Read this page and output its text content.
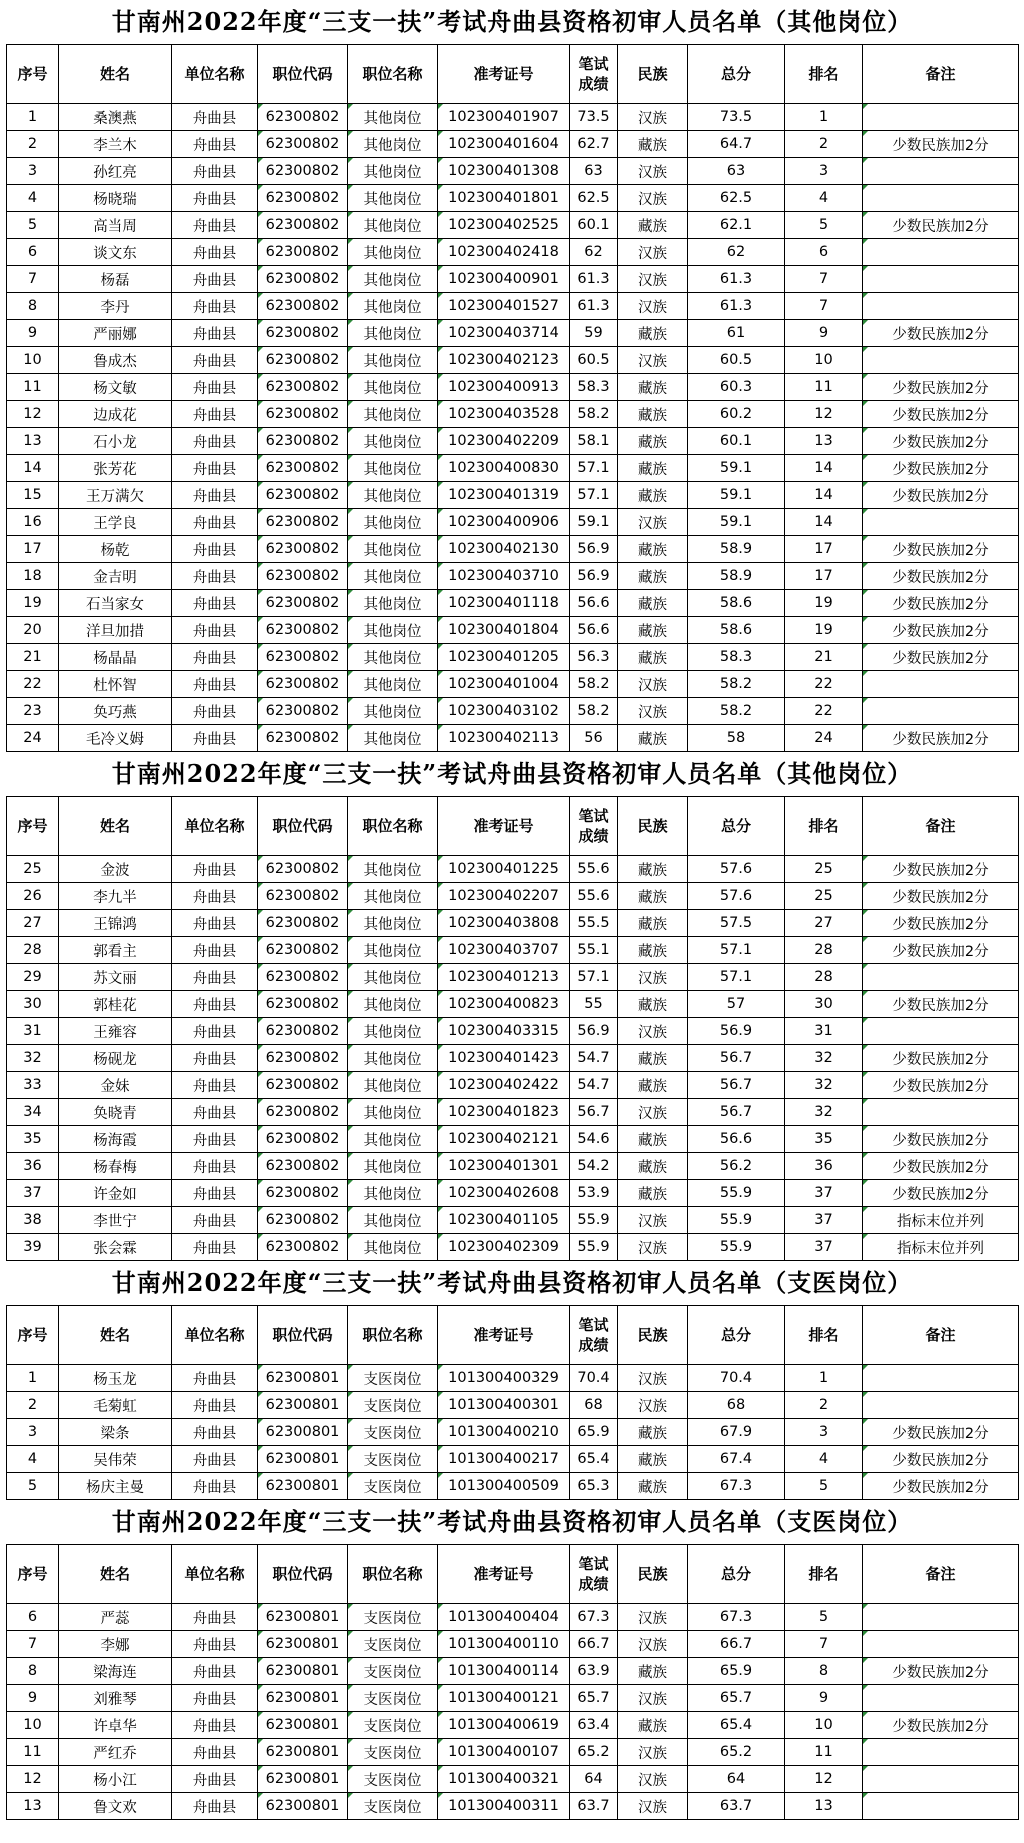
甘南州2022年度“三支一扶”考试舟曲县资格初审人员名单（其他岗位）
序号	姓名	单位名称	职位代码	职位名称	准考证号	笔试
成绩	民族	总分	排名	备注
1	桑澳燕	舟曲县	62300802	其他岗位	102300401907	73.5	汉族	73.5	1	
2	李兰木	舟曲县	62300802	其他岗位	102300401604	62.7	藏族	64.7	2	少数民族加2分
3	孙红亮	舟曲县	62300802	其他岗位	102300401308	63	汉族	63	3	
4	杨晓瑞	舟曲县	62300802	其他岗位	102300401801	62.5	汉族	62.5	4	
5	高当周	舟曲县	62300802	其他岗位	102300402525	60.1	藏族	62.1	5	少数民族加2分
6	谈文东	舟曲县	62300802	其他岗位	102300402418	62	汉族	62	6	
7	杨磊	舟曲县	62300802	其他岗位	102300400901	61.3	汉族	61.3	7	
8	李丹	舟曲县	62300802	其他岗位	102300401527	61.3	汉族	61.3	7	
9	严丽娜	舟曲县	62300802	其他岗位	102300403714	59	藏族	61	9	少数民族加2分
10	鲁成杰	舟曲县	62300802	其他岗位	102300402123	60.5	汉族	60.5	10	
11	杨文敏	舟曲县	62300802	其他岗位	102300400913	58.3	藏族	60.3	11	少数民族加2分
12	边成花	舟曲县	62300802	其他岗位	102300403528	58.2	藏族	60.2	12	少数民族加2分
13	石小龙	舟曲县	62300802	其他岗位	102300402209	58.1	藏族	60.1	13	少数民族加2分
14	张芳花	舟曲县	62300802	其他岗位	102300400830	57.1	藏族	59.1	14	少数民族加2分
15	王万满欠	舟曲县	62300802	其他岗位	102300401319	57.1	藏族	59.1	14	少数民族加2分
16	王学良	舟曲县	62300802	其他岗位	102300400906	59.1	汉族	59.1	14	
17	杨乾	舟曲县	62300802	其他岗位	102300402130	56.9	藏族	58.9	17	少数民族加2分
18	金吉明	舟曲县	62300802	其他岗位	102300403710	56.9	藏族	58.9	17	少数民族加2分
19	石当家女	舟曲县	62300802	其他岗位	102300401118	56.6	藏族	58.6	19	少数民族加2分
20	洋旦加措	舟曲县	62300802	其他岗位	102300401804	56.6	藏族	58.6	19	少数民族加2分
21	杨晶晶	舟曲县	62300802	其他岗位	102300401205	56.3	藏族	58.3	21	少数民族加2分
22	杜怀智	舟曲县	62300802	其他岗位	102300401004	58.2	汉族	58.2	22	
23	奂巧燕	舟曲县	62300802	其他岗位	102300403102	58.2	汉族	58.2	22	
24	毛冷义姆	舟曲县	62300802	其他岗位	102300402113	56	藏族	58	24	少数民族加2分
甘南州2022年度“三支一扶”考试舟曲县资格初审人员名单（其他岗位）
序号	姓名	单位名称	职位代码	职位名称	准考证号	笔试
成绩	民族	总分	排名	备注
25	金波	舟曲县	62300802	其他岗位	102300401225	55.6	藏族	57.6	25	少数民族加2分
26	李九半	舟曲县	62300802	其他岗位	102300402207	55.6	藏族	57.6	25	少数民族加2分
27	王锦鸿	舟曲县	62300802	其他岗位	102300403808	55.5	藏族	57.5	27	少数民族加2分
28	郭看主	舟曲县	62300802	其他岗位	102300403707	55.1	藏族	57.1	28	少数民族加2分
29	苏文丽	舟曲县	62300802	其他岗位	102300401213	57.1	汉族	57.1	28	
30	郭桂花	舟曲县	62300802	其他岗位	102300400823	55	藏族	57	30	少数民族加2分
31	王雍容	舟曲县	62300802	其他岗位	102300403315	56.9	汉族	56.9	31	
32	杨砚龙	舟曲县	62300802	其他岗位	102300401423	54.7	藏族	56.7	32	少数民族加2分
33	金妹	舟曲县	62300802	其他岗位	102300402422	54.7	藏族	56.7	32	少数民族加2分
34	奂晓青	舟曲县	62300802	其他岗位	102300401823	56.7	汉族	56.7	32	
35	杨海霞	舟曲县	62300802	其他岗位	102300402121	54.6	藏族	56.6	35	少数民族加2分
36	杨春梅	舟曲县	62300802	其他岗位	102300401301	54.2	藏族	56.2	36	少数民族加2分
37	许金如	舟曲县	62300802	其他岗位	102300402608	53.9	藏族	55.9	37	少数民族加2分
38	李世宁	舟曲县	62300802	其他岗位	102300401105	55.9	汉族	55.9	37	指标末位并列
39	张会霖	舟曲县	62300802	其他岗位	102300402309	55.9	汉族	55.9	37	指标末位并列
甘南州2022年度“三支一扶”考试舟曲县资格初审人员名单（支医岗位）
序号	姓名	单位名称	职位代码	职位名称	准考证号	笔试
成绩	民族	总分	排名	备注
1	杨玉龙	舟曲县	62300801	支医岗位	101300400329	70.4	汉族	70.4	1	
2	毛菊虹	舟曲县	62300801	支医岗位	101300400301	68	汉族	68	2	
3	梁条	舟曲县	62300801	支医岗位	101300400210	65.9	藏族	67.9	3	少数民族加2分
4	吴伟荣	舟曲县	62300801	支医岗位	101300400217	65.4	藏族	67.4	4	少数民族加2分
5	杨庆主曼	舟曲县	62300801	支医岗位	101300400509	65.3	藏族	67.3	5	少数民族加2分
甘南州2022年度“三支一扶”考试舟曲县资格初审人员名单（支医岗位）
序号	姓名	单位名称	职位代码	职位名称	准考证号	笔试
成绩	民族	总分	排名	备注
6	严蕊	舟曲县	62300801	支医岗位	101300400404	67.3	汉族	67.3	5	
7	李娜	舟曲县	62300801	支医岗位	101300400110	66.7	汉族	66.7	7	
8	梁海连	舟曲县	62300801	支医岗位	101300400114	63.9	藏族	65.9	8	少数民族加2分
9	刘雅琴	舟曲县	62300801	支医岗位	101300400121	65.7	汉族	65.7	9	
10	许卓华	舟曲县	62300801	支医岗位	101300400619	63.4	藏族	65.4	10	少数民族加2分
11	严红乔	舟曲县	62300801	支医岗位	101300400107	65.2	汉族	65.2	11	
12	杨小江	舟曲县	62300801	支医岗位	101300400321	64	汉族	64	12	
13	鲁文欢	舟曲县	62300801	支医岗位	101300400311	63.7	汉族	63.7	13	
